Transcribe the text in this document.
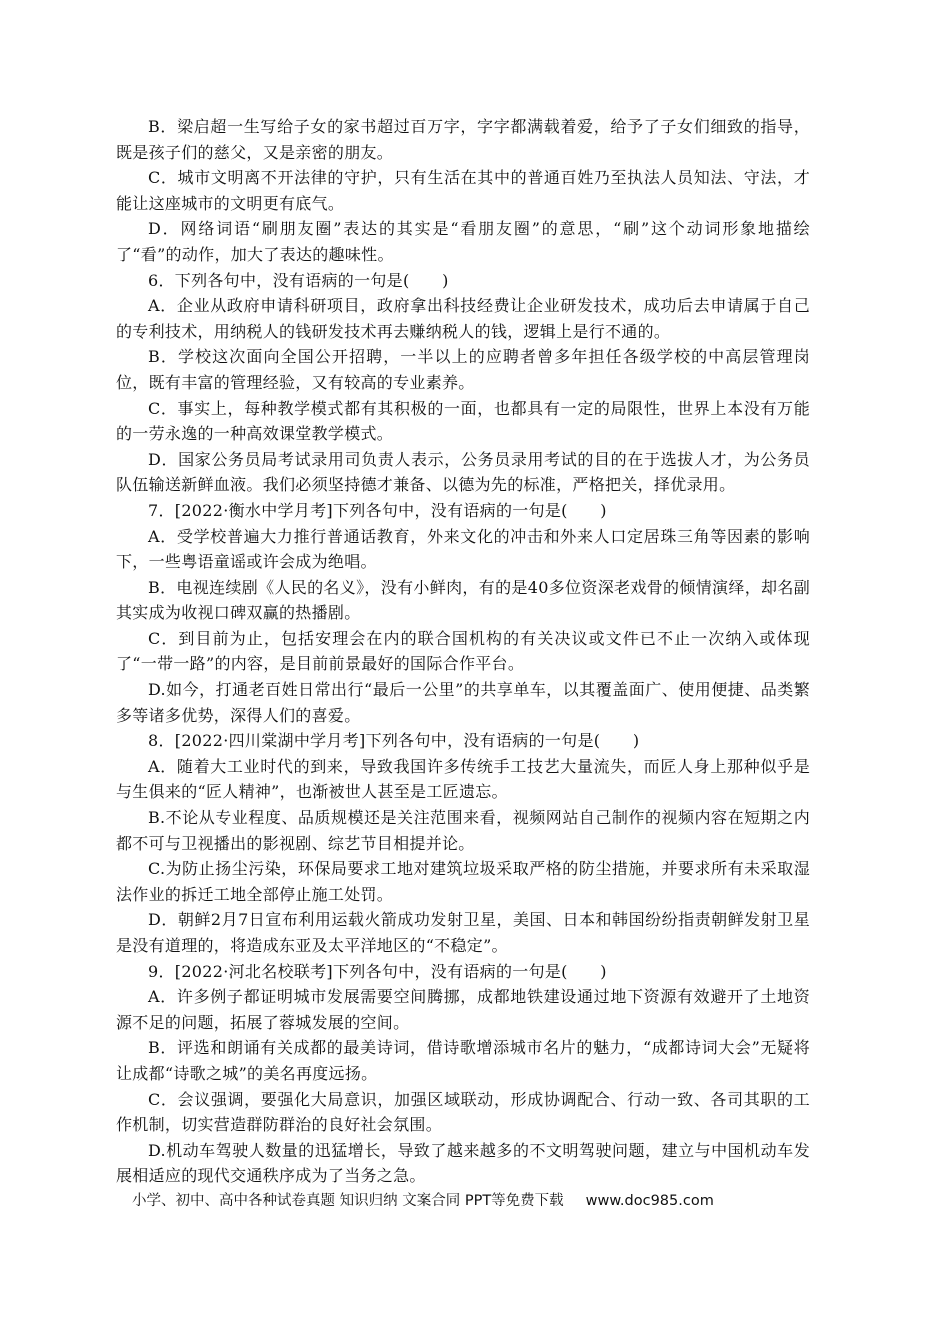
B．梁启超一生写给子女的家书超过百万字，字字都满载着爱，给予了子女们细致的指导，既是孩子们的慈父，又是亲密的朋友。

C．城市文明离不开法律的守护，只有生活在其中的普通百姓乃至执法人员知法、守法，才能让这座城市的文明更有底气。

D．网络词语“刷朋友圈”表达的其实是“看朋友圈”的意思，“刷”这个动词形象地描绘了“看”的动作，加大了表达的趣味性。

6．下列各句中，没有语病的一句是(　　)

A．企业从政府申请科研项目，政府拿出科技经费让企业研发技术，成功后去申请属于自己的专利技术，用纳税人的钱研发技术再去赚纳税人的钱，逻辑上是行不通的。

B．学校这次面向全国公开招聘，一半以上的应聘者曾多年担任各级学校的中高层管理岗位，既有丰富的管理经验，又有较高的专业素养。

C．事实上，每种教学模式都有其积极的一面，也都具有一定的局限性，世界上本没有万能的一劳永逸的一种高效课堂教学模式。

D．国家公务员局考试录用司负责人表示，公务员录用考试的目的在于选拔人才，为公务员队伍输送新鲜血液。我们必须坚持德才兼备、以德为先的标准，严格把关，择优录用。

7．[2022·衡水中学月考]下列各句中，没有语病的一句是(　　)

A．受学校普遍大力推行普通话教育，外来文化的冲击和外来人口定居珠三角等因素的影响下，一些粤语童谣或许会成为绝唱。

B．电视连续剧《人民的名义》，没有小鲜肉，有的是40多位资深老戏骨的倾情演绎，却名副其实成为收视口碑双赢的热播剧。

C．到目前为止，包括安理会在内的联合国机构的有关决议或文件已不止一次纳入或体现了“一带一路”的内容，是目前前景最好的国际合作平台。

D.如今，打通老百姓日常出行“最后一公里”的共享单车，以其覆盖面广、使用便捷、品类繁多等诸多优势，深得人们的喜爱。

8．[2022·四川棠湖中学月考]下列各句中，没有语病的一句是(　　)

A．随着大工业时代的到来，导致我国许多传统手工技艺大量流失，而匠人身上那种似乎是与生俱来的“匠人精神”，也渐被世人甚至是工匠遗忘。

B.不论从专业程度、品质规模还是关注范围来看，视频网站自己制作的视频内容在短期之内都不可与卫视播出的影视剧、综艺节目相提并论。

C.为防止扬尘污染，环保局要求工地对建筑垃圾采取严格的防尘措施，并要求所有未采取湿法作业的拆迁工地全部停止施工处罚。

D．朝鲜2月7日宣布利用运载火箭成功发射卫星，美国、日本和韩国纷纷指责朝鲜发射卫星是没有道理的，将造成东亚及太平洋地区的“不稳定”。

9．[2022·河北名校联考]下列各句中，没有语病的一句是(　　)

A．许多例子都证明城市发展需要空间腾挪，成都地铁建设通过地下资源有效避开了土地资源不足的问题，拓展了蓉城发展的空间。

B．评选和朗诵有关成都的最美诗词，借诗歌增添城市名片的魅力，“成都诗词大会”无疑将让成都“诗歌之城”的美名再度远扬。

C．会议强调，要强化大局意识，加强区域联动，形成协调配合、行动一致、各司其职的工作机制，切实营造群防群治的良好社会氛围。

D.机动车驾驶人数量的迅猛增长，导致了越来越多的不文明驾驶问题，建立与中国机动车发展相适应的现代交通秩序成为了当务之急。

小学、初中、高中各种试卷真题 知识归纳 文案合同 PPT等免费下载 www.doc985.com
